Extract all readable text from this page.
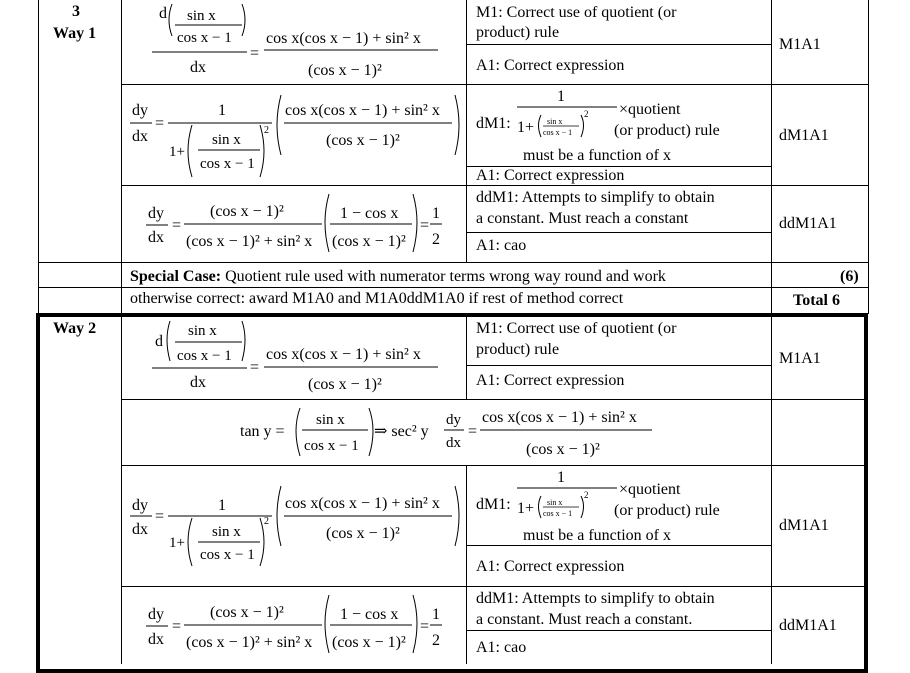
3
Way 1
Way 2
d sin x
cos x − 1
dx
=
cos x(cos x − 1) + sin² x
(cos x − 1)²
M1: Correct use of quotient (or
product) rule
A1: Correct expression
M1A1
dy
dx
=
1
1+
sin x
cos x − 1
2
cos x(cos x − 1) + sin² x
(cos x − 1)²
1
1+ sin x
cos x − 1
2
dM1:
×quotient
(or product) rule
must be a function of x
A1: Correct expression
dM1A1
dy
dx
=
(cos x − 1)²
(cos x − 1)² + sin² x
1 − cos x
(cos x − 1)²
=
1
2
ddM1: Attempts to simplify to obtain
a constant. Must reach a constant
A1: cao
ddM1A1
Special Case: Quotient rule used with numerator terms wrong way round and work
otherwise correct: award M1A0 and M1A0ddM1A0 if rest of method correct
(6)
Total 6
d
sin x
cos x − 1
dx
=
cos x(cos x − 1) + sin² x
(cos x − 1)²
M1: Correct use of quotient (or
product) rule
A1: Correct expression
M1A1
tan y =
sin x
cos x − 1
⇒ sec² y
dy
dx
=
cos x(cos x − 1) + sin² x
(cos x − 1)²
dy
dx
=
1
1+
sin x
cos x − 1
2
cos x(cos x − 1) + sin² x
(cos x − 1)²
1
1+ sin x
cos x − 1
2
dM1:
×quotient
(or product) rule
must be a function of x
A1: Correct expression
dM1A1
dy
dx
=
(cos x − 1)²
(cos x − 1)² + sin² x
1 − cos x
(cos x − 1)²
=
1
2
ddM1: Attempts to simplify to obtain
a constant. Must reach a constant.
A1: cao
ddM1A1
